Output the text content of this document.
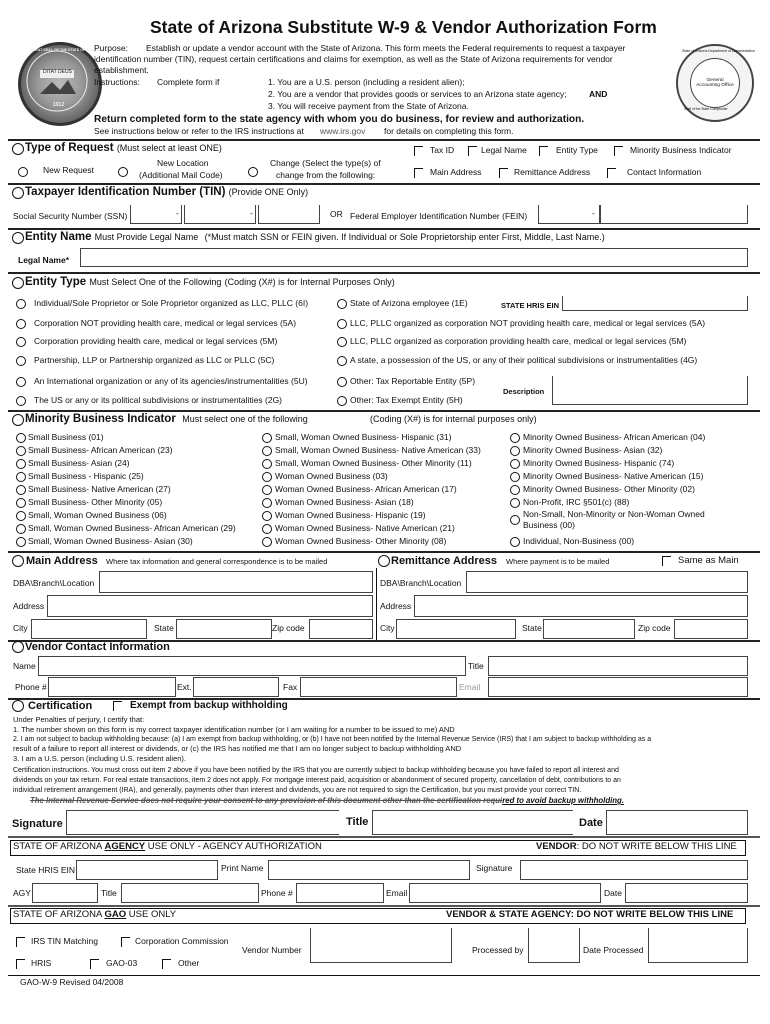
State of Arizona Substitute W-9 & Vendor Authorization Form
DITAT DEUS
GREAT SEAL OF THE STATE OF ARIZONA
1912
General Accounting Office
State of Arizona Department of Administration
Staff of the State Comptroller
Purpose: Establish or update a vendor account with the State of Arizona. This form meets the Federal requirements to request a taxpayer
identification number (TIN), request certain certifications and claims for exemption, as well as the State of Arizona requirements for vendor
establishment.
Instructions: Complete form if	1. You are a U.S. person (including a resident alien);
2. You are a vendor that provides goods or services to an Arizona state agency;	AND
3. You will receive payment from the State of Arizona.
Return completed form to the state agency with whom you do business, for review and authorization.
See instructions below or refer to the IRS instructions at www.irs.gov for details on completing this form.
Type of Request (Must select at least ONE)	Tax ID	Legal Name	Entity Type	Minority Business Indicator
New Request
New Location
(Additional Mail Code)
Change (Select the type(s) of
change from the following:	Main Address	Remittance Address	Contact Information
Taxpayer Identification Number (TIN) (Provide ONE Only)
Social Security Number (SSN)	-	-	OR Federal Employer Identification Number (FEIN)	-
Entity Name Must Provide Legal Name (*Must match SSN or FEIN given. If Individual or Sole Proprietorship enter First, Middle, Last Name.)
Legal Name*
Entity Type Must Select One of the Following (Coding (X#) is for Internal Purposes Only)
Individual/Sole Proprietor or Sole Proprietor organized as LLC, PLLC (6I)
Corporation NOT providing health care, medical or legal services (5A)
Corporation providing health care, medical or legal services (5M)
Partnership, LLP or Partnership organized as LLC or PLLC (5C)
An International organization or any of its agencies/instrumentalities (5U)
The US or any or its political subdivisions or instrumentalities (2G)
State of Arizona employee (1E)	STATE HRIS EIN
LLC, PLLC organized as corporation NOT providing health care, medical or legal services (5A)
LLC, PLLC organized as corporation providing health care, medical or legal services (5M)
A state, a possession of the US, or any of their political subdivisions or instrumentalities (4G)
Other: Tax Reportable Entity (5P)
Other: Tax Exempt Entity (5H)
Description
Minority Business Indicator Must select one of the following	(Coding (X#) is for internal purposes only)
Small Business (01)
Small Business- African American (23)
Small Business- Asian (24)
Small Business - Hispanic (25)
Small Business- Native American (27)
Small Business- Other Minority (05)
Small, Woman Owned Business (06)
Small, Woman Owned Business- African American (29)
Small, Woman Owned Business- Asian (30)
Small, Woman Owned Business- Hispanic (31)
Small, Woman Owned Business- Native American (33)
Small, Woman Owned Business- Other Minority (11)
Woman Owned Business (03)
Woman Owned Business- African American (17)
Woman Owned Business- Asian (18)
Woman Owned Business- Hispanic (19)
Woman Owned Business- Native American (21)
Woman Owned Business- Other Minority (08)
Minority Owned Business- African American (04)
Minority Owned Business- Asian (32)
Minority Owned Business- Hispanic (74)
Minority Owned Business- Native American (15)
Minority Owned Business- Other Minority (02)
Non-Profit, IRC §501(c) (88)
Non-Small, Non-Minority or Non-Woman Owned
Business (00)
Individual, Non-Business (00)
Main Address Where tax information and general correspondence is to be mailed	Remittance Address Where payment is to be mailed	Same as Main
DBA\Branch\Location
Address
City	State	Zip code
DBA\Branch\Location
Address
City	State	Zip code
Vendor Contact Information
Name	Title
Phone #	Ext.	Fax	Email
Certification	Exempt from backup withholding
Under Penalties of perjury, I certify that:
1. The number shown on this form is my correct taxpayer identification number (or I am waiting for a number to be issued to me) AND
2. I am not subject to backup withholding because: (a) I am exempt from backup withholding, or (b) I have not been notified by the Internal Revenue Service (IRS) that I am subject to backup withholding as a
result of a failure to report all interest or dividends, or (c) the IRS has notified me that I am no longer subject to backup withholding AND
3. I am a U.S. person (including U.S. resident alien).
Certification instructions. You must cross out item 2 above if you have been notified by the IRS that you are currently subject to backup withholding because you have failed to report all interest and
dividends on your tax return. For real estate transactions, item 2 does not apply. For mortgage interest paid, acquisition or abandonment of secured property, cancellation of debt, contributions to an
individual retirement arrangement (IRA), and generally, payments other than interest and dividends, you are not required to sign the Certification, but you must provide your correct TIN.
The Internal Revenue Service does not require your consent to any provision of this document other than the certification required to avoid backup withholding.
Signature	Title	Date
STATE OF ARIZONA AGENCY USE ONLY - AGENCY AUTHORIZATION	VENDOR: DO NOT WRITE BELOW THIS LINE
State HRIS EIN	Print Name	Signature
AGY	Title	Phone #	Email	Date
STATE OF ARIZONA GAO USE ONLY	VENDOR & STATE AGENCY: DO NOT WRITE BELOW THIS LINE
IRS TIN Matching	Corporation Commission
Vendor Number	Processed by	Date Processed
HRIS	GAO-03	Other
GAO-W-9 Revised 04/2008
